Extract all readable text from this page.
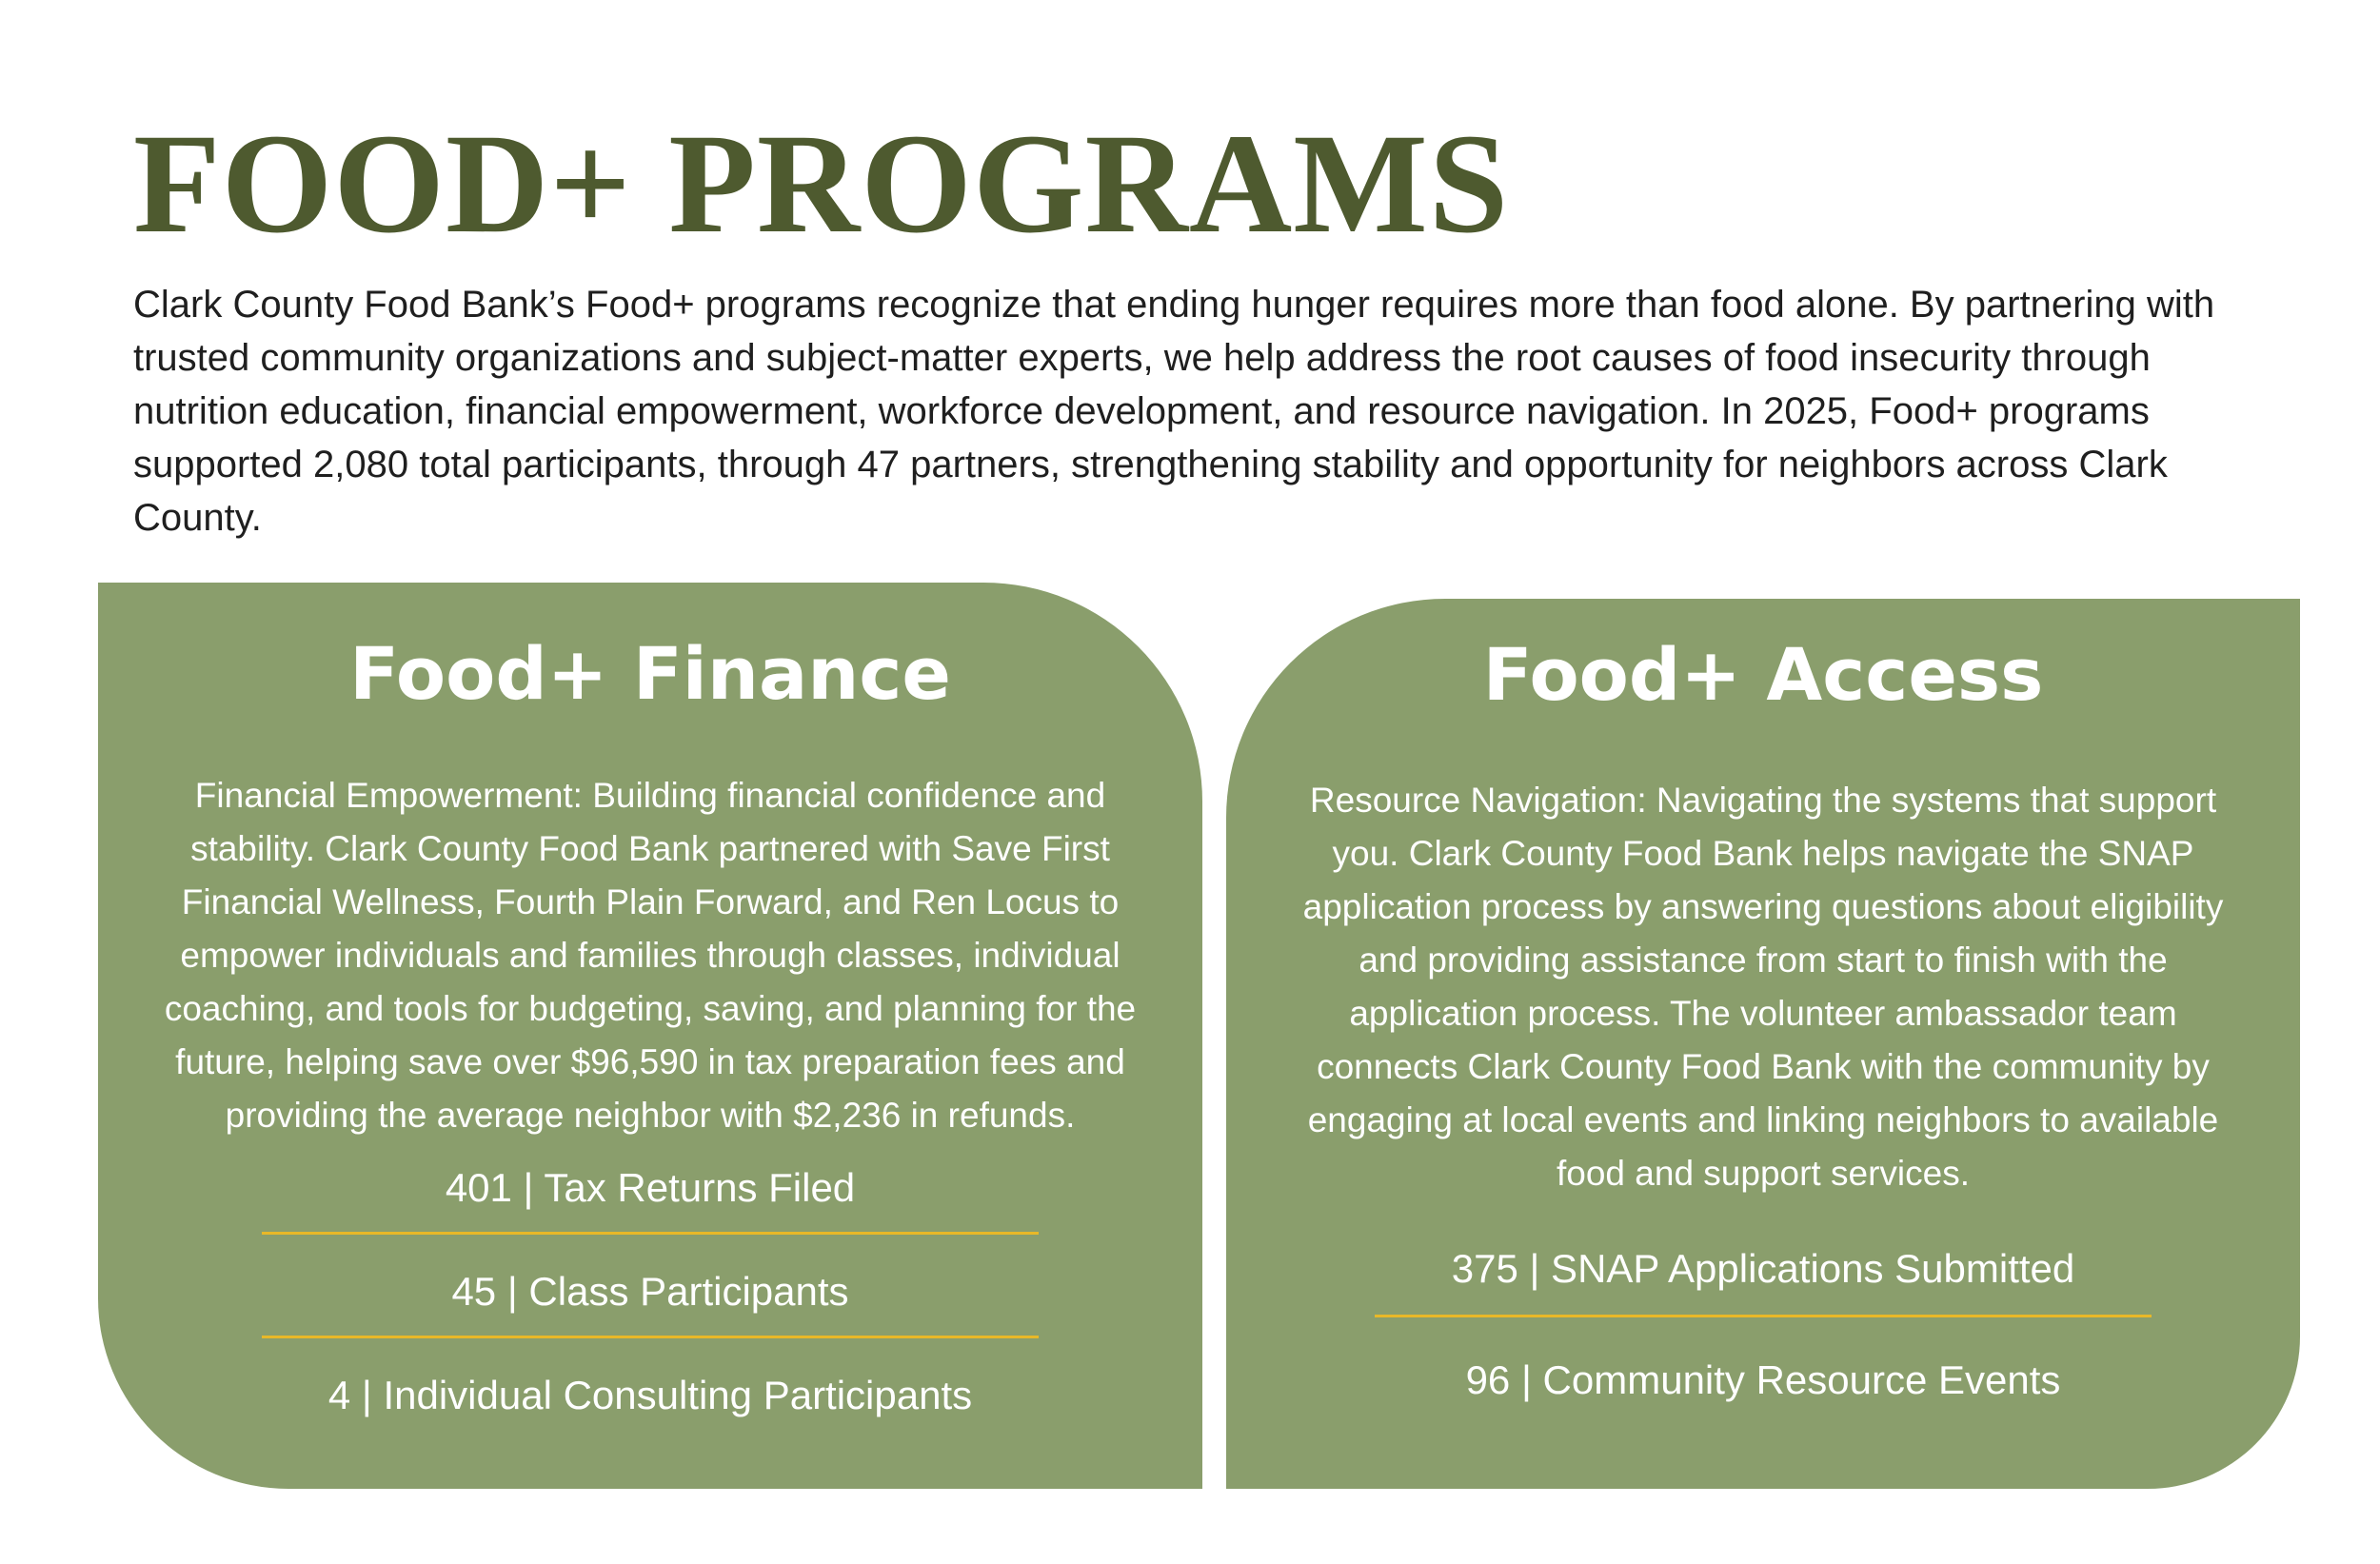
FOOD+ PROGRAMS

Clark County Food Bank’s Food+ programs recognize that ending hunger requires more than food alone. By partnering with trusted community organizations and subject-matter experts, we help address the root causes of food insecurity through nutrition education, financial empowerment, workforce development, and resource navigation. In 2025, Food+ programs supported 2,080 total participants, through 47 partners, strengthening stability and opportunity for neighbors across Clark County.

Food+ Finance

Financial Empowerment: Building financial confidence and stability. Clark County Food Bank partnered with Save First Financial Wellness, Fourth Plain Forward, and Ren Locus to empower individuals and families through classes, individual coaching, and tools for budgeting, saving, and planning for the future, helping save over $96,590 in tax preparation fees and providing the average neighbor with $2,236 in refunds.

401 | Tax Returns Filed
45 | Class Participants
4 | Individual Consulting Participants
Food+ Access

Resource Navigation: Navigating the systems that support you. Clark County Food Bank helps navigate the SNAP application process by answering questions about eligibility and providing assistance from start to finish with the application process. The volunteer ambassador team connects Clark County Food Bank with the community by engaging at local events and linking neighbors to available food and support services.

375 | SNAP Applications Submitted
96 | Community Resource Events
